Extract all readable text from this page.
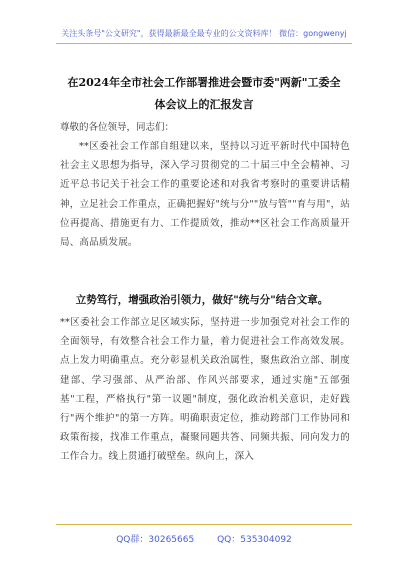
关注头条号"公文研究"，获得最新最全最专业的公文资料库！ 微信：gongwenyj
在2024年全市社会工作部署推进会暨市委"两新"工委全
体会议上的汇报发言
尊敬的各位领导，同志们：

**区委社会工作部自组建以来，坚持以习近平新时代中国特色社会主义思想为指导，深入学习贯彻党的二十届三中全会精神、习近平总书记关于社会工作的重要论述和对我省考察时的重要讲话精神，立足社会工作重点，正确把握好"统与分""放与管""育与用"，站位再提高、措施更有力、工作提质效，推动**区社会工作高质量开局、高品质发展。

立势笃行，增强政治引领力，做好"统与分"结合文章。

**区委社会工作部立足区域实际，坚持进一步加强党对社会工作的全面领导，有效整合社会工作力量，着力促进社会工作高效发展。点上发力明确重点。充分彰显机关政治属性，聚焦政治立部、制度建部、学习强部、从严治部、作风兴部要求，通过实施"五部强基"工程，严格执行"第一议题"制度，强化政治机关意识，走好践行"两个维护"的第一方阵。明确职责定位，推动跨部门工作协同和政策衔接，找准工作重点，凝聚同题共答、同频共振、同向发力的工作合力。线上贯通打破壁垒。纵向上，深入

QQ群：30265665	QQ：535304092
